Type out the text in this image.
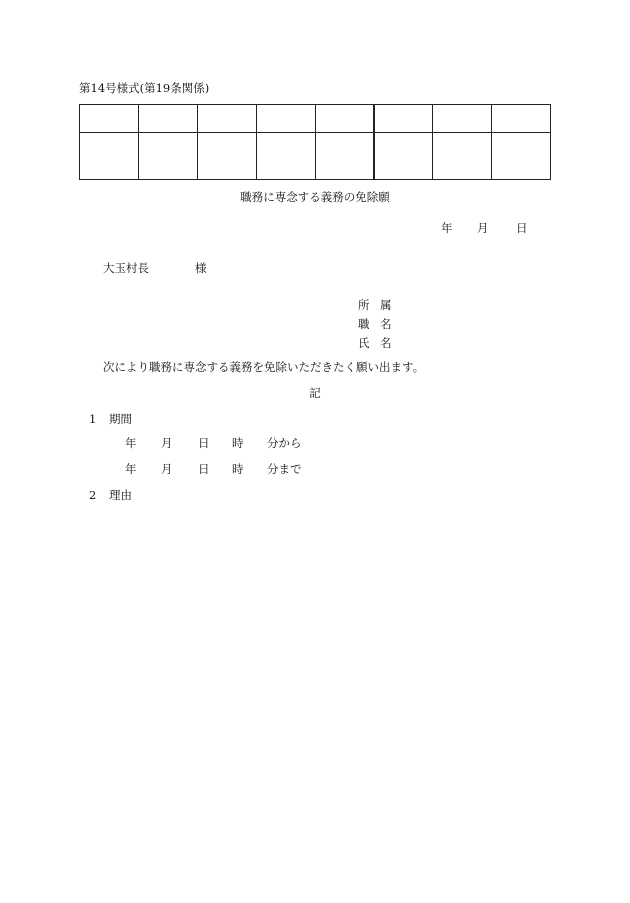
第14号様式(第19条関係)

職務に専念する義務の免除願
年 月 日
大玉村長	様
所 属
職 名
氏 名
次により職務に専念する義務を免除いただきたく願い出ます。
記
1 期間
年 月 日 時 分から
年 月 日 時 分まで
2 理由
